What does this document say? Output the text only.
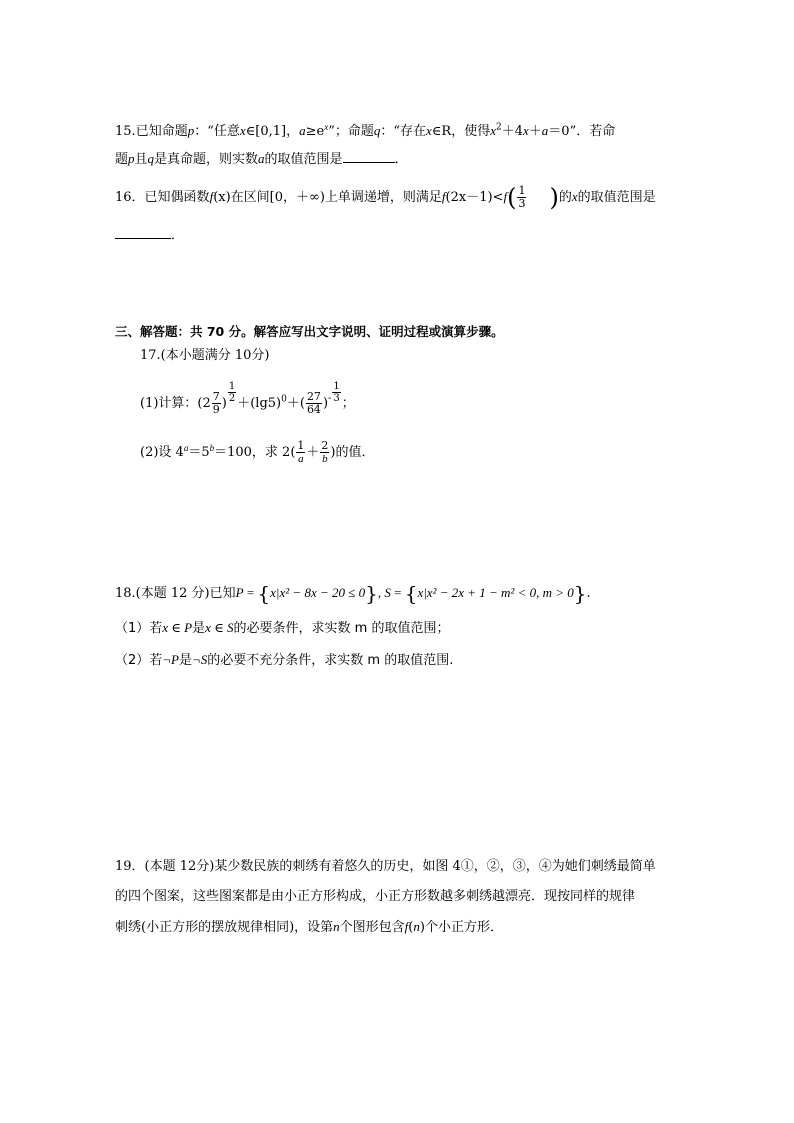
15.已知命题p：“任意x∈[0,1]，$a\ge e^x$”；命题q：“存在x∈R，使得$x^2+4x+a=0$”．若命
题p且q是真命题，则实数a的取值范围是	．
16．已知偶函数f(x)在区间[0，＋∞)上单调递增，则满足$f(2x-1)<f( \frac{1}{3}$ )的x的取值范围是
．
三、解答题：共 70 分。解答应写出文字说明、证明过程或演算步骤。
17.(本小题满分 10分)
(1)计算：($2 \frac{7}{9}$ ) $\frac{1}{2} +(\lg 5)^0+( \frac{27}{64} )^- \frac{1}{3}$ ；
(2)设 $4^a=5^b=100$，求 $2( \frac{1}{a} + \frac{2}{b}$ )的值．
18.(本题 12 分)已知P = {x|x² − 8x − 20 ≤ 0}, S = {x|x² − 2x + 1 − m² < 0, m > 0}.
（1）若x ∈ P是x ∈ S的必要条件，求实数 m 的取值范围；
（2）若¬P是¬S的必要不充分条件，求实数 m 的取值范围.
19．(本题 12分)某少数民族的刺绣有着悠久的历史，如图 4①，②，③，④为她们刺绣最简单
的四个图案，这些图案都是由小正方形构成，小正方形数越多刺绣越漂亮．现按同样的规律
刺绣(小正方形的摆放规律相同)，设第n个图形包含f(n)个小正方形．
